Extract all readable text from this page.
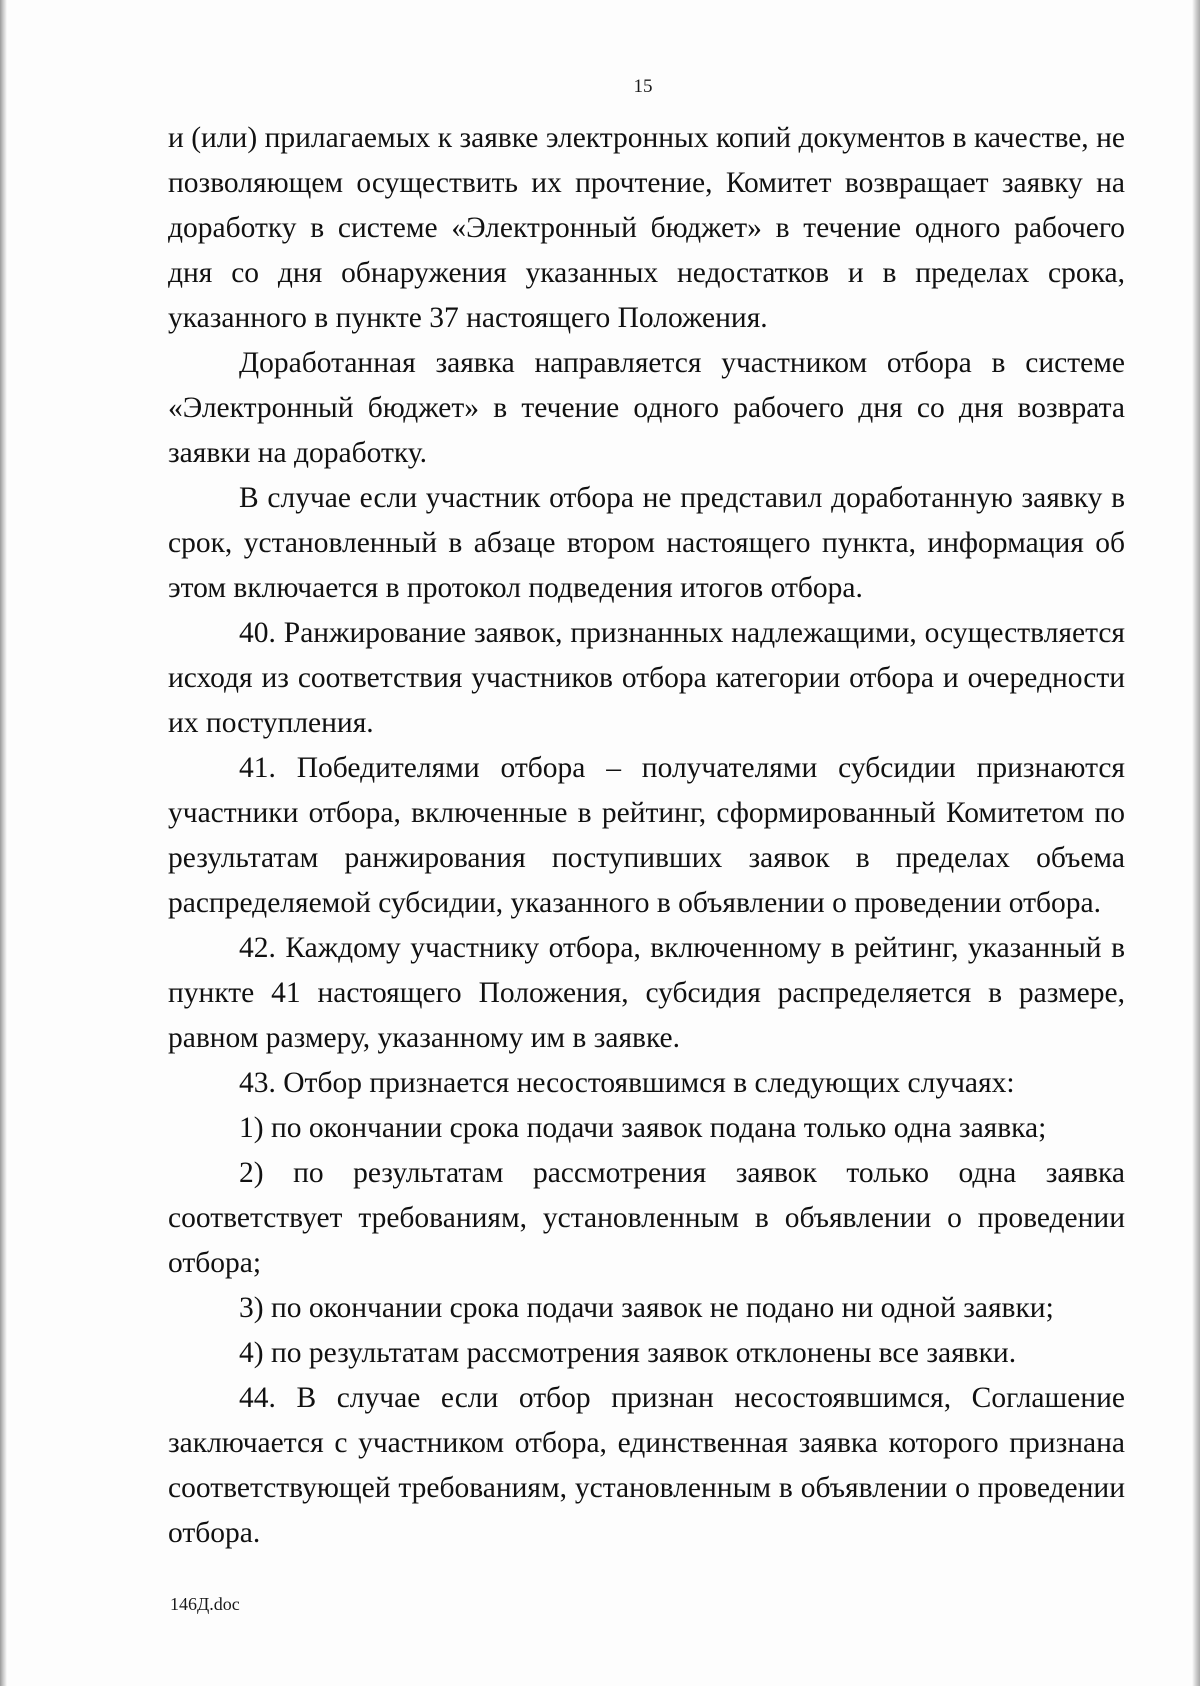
15

и (или) прилагаемых к заявке электронных копий документов в качестве, не позволяющем осуществить их прочтение, Комитет возвращает заявку на доработку в системе «Электронный бюджет» в течение одного рабочего дня со дня обнаружения указанных недостатков и в пределах срока, указанного в пункте 37 настоящего Положения.

Доработанная заявка направляется участником отбора в системе «Электронный бюджет» в течение одного рабочего дня со дня возврата заявки на доработку.

В случае если участник отбора не представил доработанную заявку в срок, установленный в абзаце втором настоящего пункта, информация об этом включается в протокол подведения итогов отбора.

40. Ранжирование заявок, признанных надлежащими, осуществляется исходя из соответствия участников отбора категории отбора и очередности их поступления.

41. Победителями отбора – получателями субсидии признаются участники отбора, включенные в рейтинг, сформированный Комитетом по результатам ранжирования поступивших заявок в пределах объема распределяемой субсидии, указанного в объявлении о проведении отбора.

42. Каждому участнику отбора, включенному в рейтинг, указанный в пункте 41 настоящего Положения, субсидия распределяется в размере, равном размеру, указанному им в заявке.

43. Отбор признается несостоявшимся в следующих случаях:

1) по окончании срока подачи заявок подана только одна заявка;

2) по результатам рассмотрения заявок только одна заявка соответствует требованиям, установленным в объявлении о проведении отбора;

3) по окончании срока подачи заявок не подано ни одной заявки;

4) по результатам рассмотрения заявок отклонены все заявки.

44. В случае если отбор признан несостоявшимся, Соглашение заключается с участником отбора, единственная заявка которого признана соответствующей требованиям, установленным в объявлении о проведении отбора.

146Д.doc
